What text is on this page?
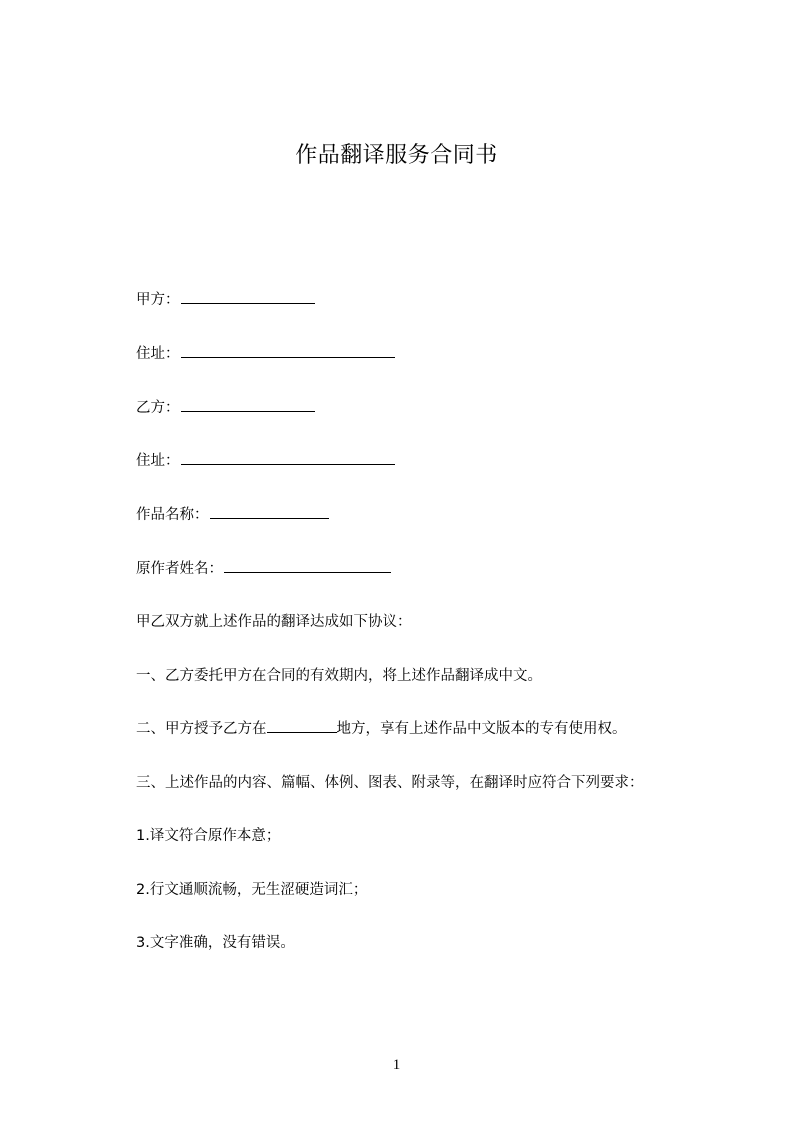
作品翻译服务合同书

甲方：

住址：

乙方：

住址：

作品名称：

原作者姓名：

甲乙双方就上述作品的翻译达成如下协议：

一、乙方委托甲方在合同的有效期内，将上述作品翻译成中文。

二、甲方授予乙方在	地方，享有上述作品中文版本的专有使用权。

三、上述作品的内容、篇幅、体例、图表、附录等，在翻译时应符合下列要求：

1.译文符合原作本意；

2.行文通顺流畅，无生涩硬造词汇；

3.文字准确，没有错误。

1
